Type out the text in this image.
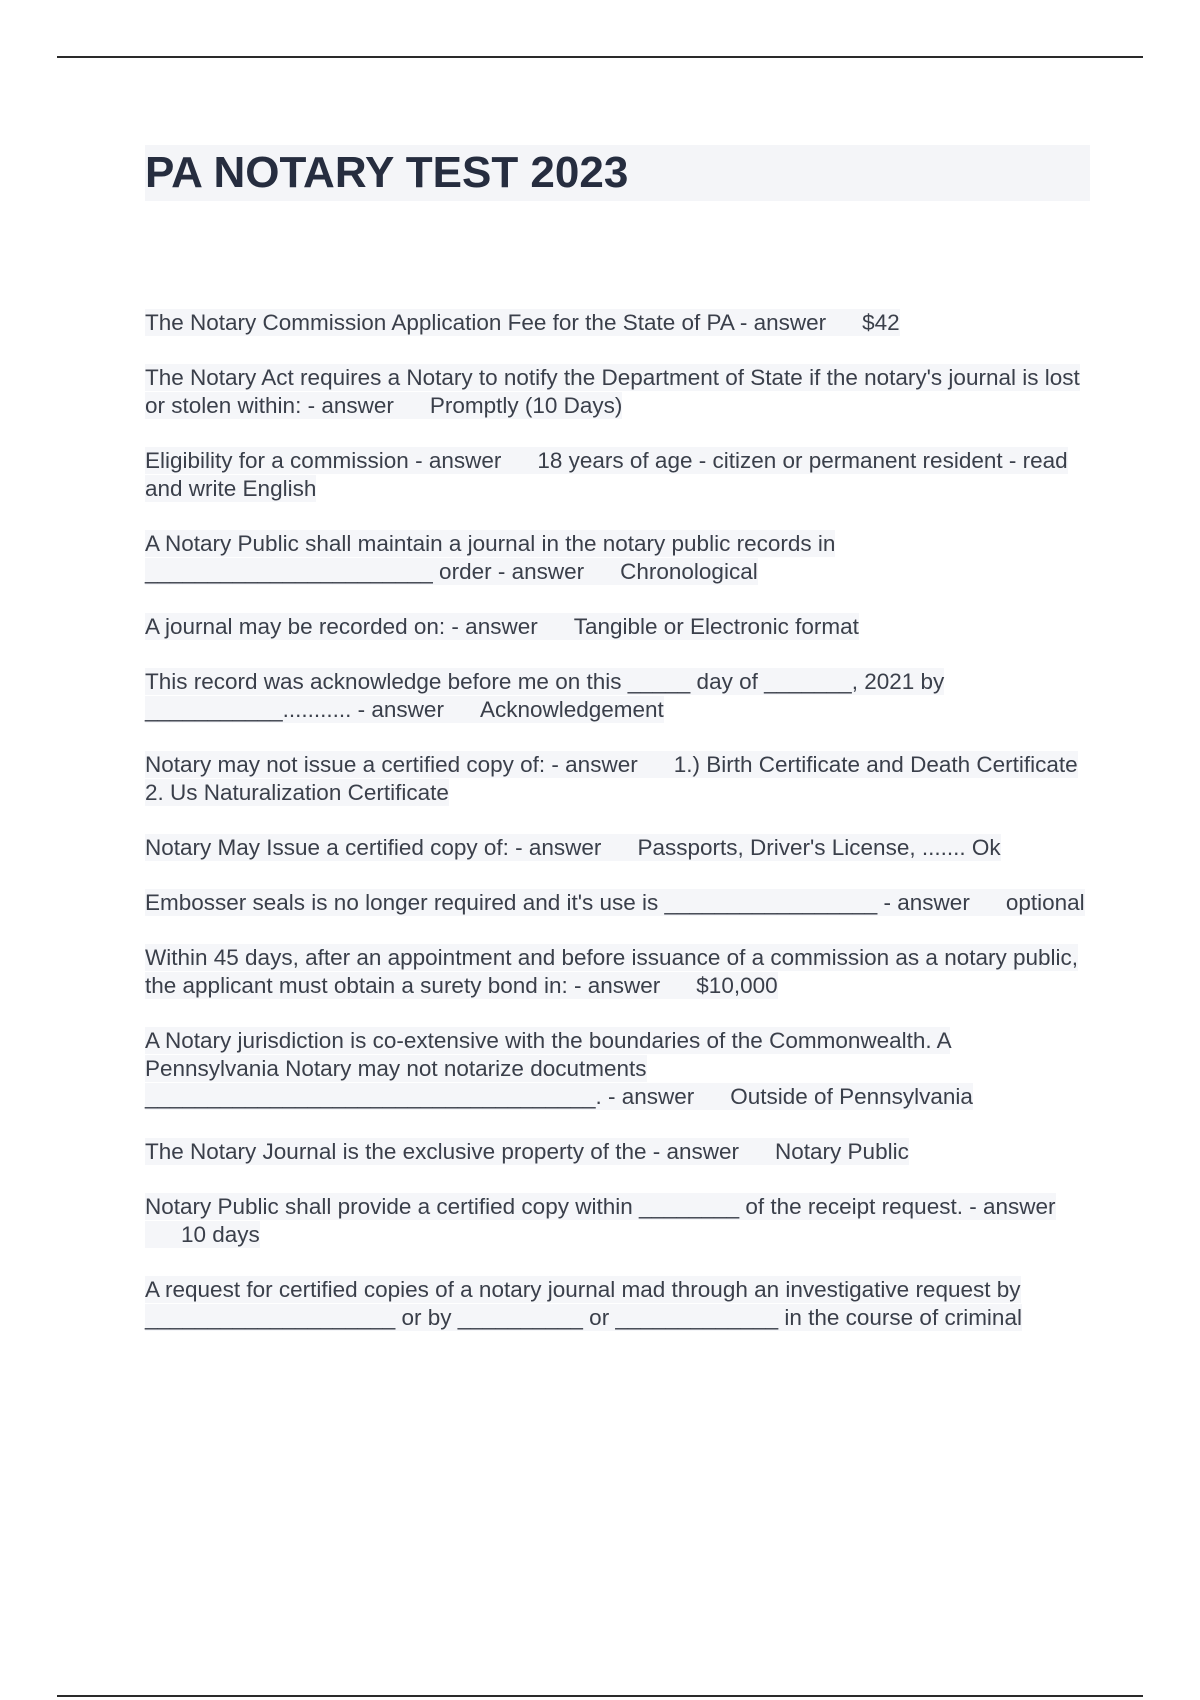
PA NOTARY TEST 2023
The Notary Commission Application Fee for the State of PA - answer $42
The Notary Act requires a Notary to notify the Department of State if the notary's journal is lost or stolen within: - answer Promptly (10 Days)
Eligibility for a commission - answer 18 years of age - citizen or permanent resident - read and write English
A Notary Public shall maintain a journal in the notary public records in _______________________ order - answer Chronological
A journal may be recorded on: - answer Tangible or Electronic format
This record was acknowledge before me on this _____ day of _______, 2021 by ___________........... - answer Acknowledgement
Notary may not issue a certified copy of: - answer 1.) Birth Certificate and Death Certificate
2. Us Naturalization Certificate
Notary May Issue a certified copy of: - answer Passports, Driver's License, ....... Ok
Embosser seals is no longer required and it's use is _________________ - answer optional
Within 45 days, after an appointment and before issuance of a commission as a notary public, the applicant must obtain a surety bond in: - answer $10,000
A Notary jurisdiction is co-extensive with the boundaries of the Commonwealth. A Pennsylvania Notary may not notarize docutments ____________________________________. - answer Outside of Pennsylvania
The Notary Journal is the exclusive property of the - answer Notary Public
Notary Public shall provide a certified copy within ________ of the receipt request. - answer10 days
A request for certified copies of a notary journal mad through an investigative request by ____________________ or by __________ or _____________ in the course of criminal
